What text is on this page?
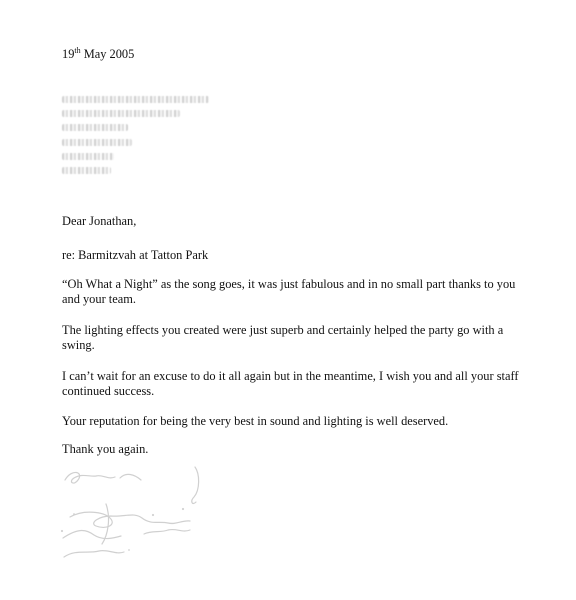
19th May 2005
Dear Jonathan,
re: Barmitzvah at Tatton Park
“Oh What a Night” as the song goes, it was just fabulous and in no small part thanks to you and your team.
The lighting effects you created were just superb and certainly helped the party go with a swing.
I can’t wait for an excuse to do it all again but in the meantime, I wish you and all your staff continued success.
Your reputation for being the very best in sound and lighting is well deserved.
Thank you again.
